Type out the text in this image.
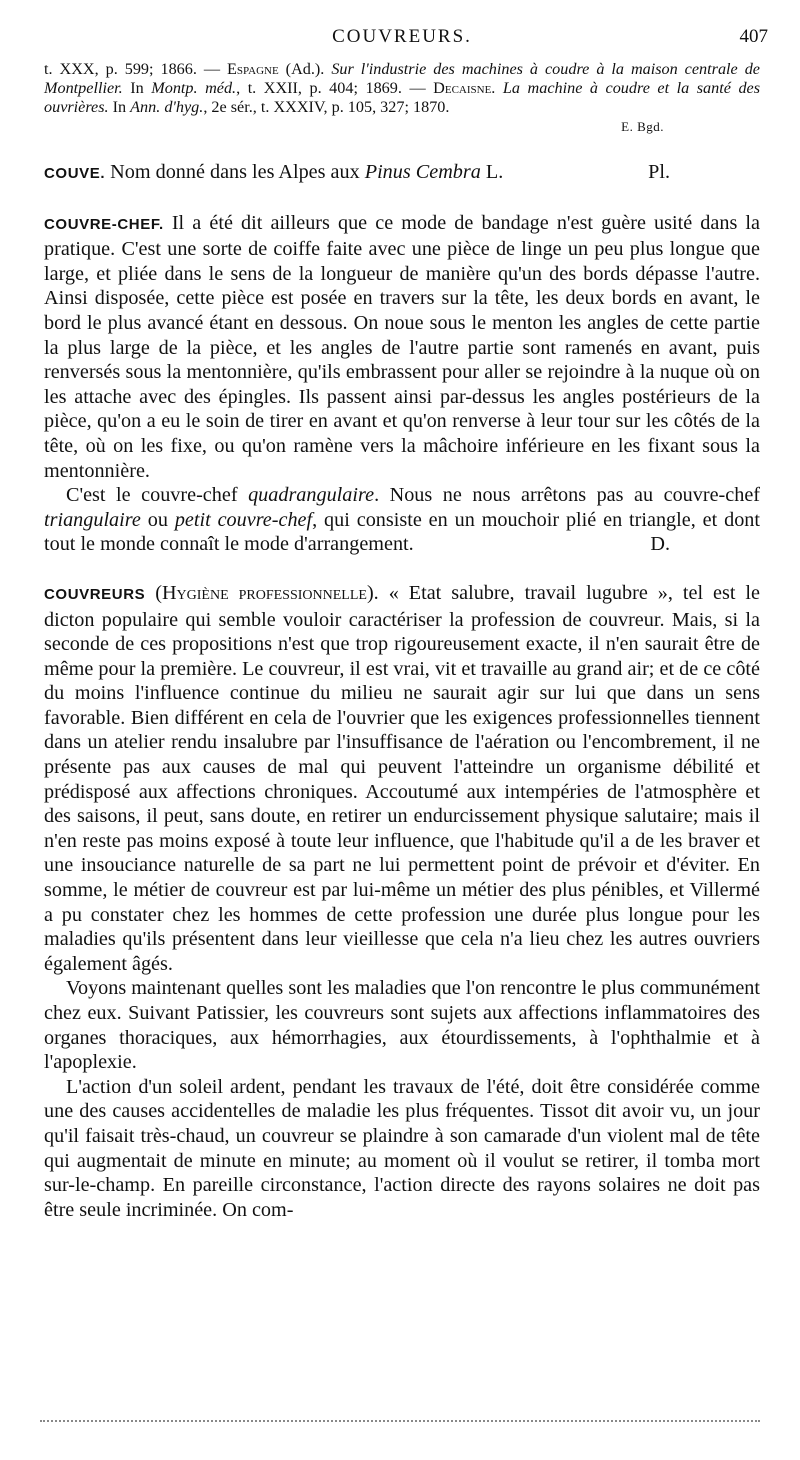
COUVREURS.	407
t. XXX, p. 599; 1866. — Espagne (Ad.). Sur l'industrie des machines à coudre à la maison centrale de Montpellier. In Montp. méd., t. XXII, p. 404; 1869. — Decaisne. La machine à coudre et la santé des ouvrières. In Ann. d'hyg., 2e sér., t. XXXIV, p. 105, 327; 1870.
E. Bgd.

COUVE. Nom donné dans les Alpes aux Pinus Cembra L.	Pl.

COUVRE-CHEF. Il a été dit ailleurs que ce mode de bandage n'est guère usité dans la pratique. C'est une sorte de coiffe faite avec une pièce de linge un peu plus longue que large, et pliée dans le sens de la longueur de manière qu'un des bords dépasse l'autre. Ainsi disposée, cette pièce est posée en travers sur la tête, les deux bords en avant, le bord le plus avancé étant en dessous. On noue sous le menton les angles de cette partie la plus large de la pièce, et les angles de l'autre partie sont ramenés en avant, puis renversés sous la mentonnière, qu'ils embrassent pour aller se rejoindre à la nuque où on les attache avec des épingles. Ils passent ainsi par-dessus les angles postérieurs de la pièce, qu'on a eu le soin de tirer en avant et qu'on renverse à leur tour sur les côtés de la tête, où on les fixe, ou qu'on ramène vers la mâchoire inférieure en les fixant sous la mentonnière.

C'est le couvre-chef quadrangulaire. Nous ne nous arrêtons pas au couvre-chef triangulaire ou petit couvre-chef, qui consiste en un mouchoir plié en triangle, et dont tout le monde connaît le mode d'arrangement.	D.

COUVREURS (Hygiène professionnelle). « Etat salubre, travail lugubre », tel est le dicton populaire qui semble vouloir caractériser la profession de couvreur. Mais, si la seconde de ces propositions n'est que trop rigoureusement exacte, il n'en saurait être de même pour la première. Le couvreur, il est vrai, vit et travaille au grand air; et de ce côté du moins l'influence continue du milieu ne saurait agir sur lui que dans un sens favorable. Bien différent en cela de l'ouvrier que les exigences professionnelles tiennent dans un atelier rendu insalubre par l'insuffisance de l'aération ou l'encombrement, il ne présente pas aux causes de mal qui peuvent l'atteindre un organisme débilité et prédisposé aux affections chroniques. Accoutumé aux intempéries de l'atmosphère et des saisons, il peut, sans doute, en retirer un endurcissement physique salutaire; mais il n'en reste pas moins exposé à toute leur influence, que l'habitude qu'il a de les braver et une insouciance naturelle de sa part ne lui permettent point de prévoir et d'éviter. En somme, le métier de couvreur est par lui-même un métier des plus pénibles, et Villermé a pu constater chez les hommes de cette profession une durée plus longue pour les maladies qu'ils présentent dans leur vieillesse que cela n'a lieu chez les autres ouvriers également âgés.

Voyons maintenant quelles sont les maladies que l'on rencontre le plus communément chez eux. Suivant Patissier, les couvreurs sont sujets aux affections inflammatoires des organes thoraciques, aux hémorrhagies, aux étourdissements, à l'ophthalmie et à l'apoplexie.

L'action d'un soleil ardent, pendant les travaux de l'été, doit être considérée comme une des causes accidentelles de maladie les plus fréquentes. Tissot dit avoir vu, un jour qu'il faisait très-chaud, un couvreur se plaindre à son camarade d'un violent mal de tête qui augmentait de minute en minute; au moment où il voulut se retirer, il tomba mort sur-le-champ. En pareille circonstance, l'action directe des rayons solaires ne doit pas être seule incriminée. On com-
